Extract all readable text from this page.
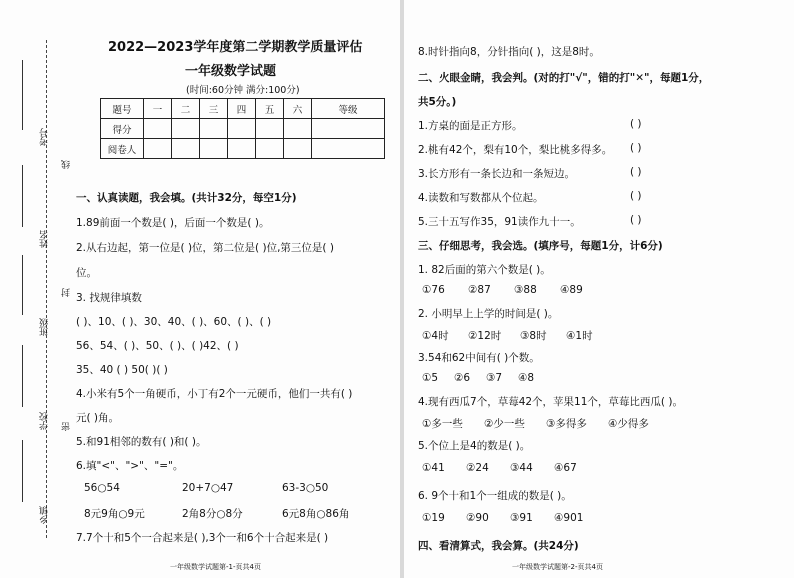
考号
线
姓名
封
班级
学校 密
乡镇
2022—2023学年度第二学期教学质量评估
一年级数学试题
(时间:60分钟 满分:100分)
题号	一	二	三	四	五	六	等级
得分							
阅卷人							
一、认真读题，我会填。(共计32分，每空1分)
1.89前面一个数是( )，后面一个数是( )。
2.从右边起，第一位是( )位，第二位是( )位,第三位是( )
位。
3. 找规律填数
( )、10、( )、30、40、( )、60、( )、( )
56、54、( )、50、( )、( )42、( )
35、40 ( ) 50( )( )
4.小米有5个一角硬币，小丁有2个一元硬币，他们一共有( )
元( )角。
5.和91相邻的数有( )和( )。
6.填"<"、">"、"="。
56○54	20+7○47	63-3○50
8元9角○9元	2角8分○8分	6元8角○86角
7.7个十和5个一合起来是( ),3个一和6个十合起来是( )
一年级数学试题第-1-页共4页
8.时针指向8，分针指向( )，这是8时。
二、火眼金睛，我会判。(对的打"√"，错的打"✕"，每题1分，
共5分。)
1.方桌的面是正方形。	( )
2.桃有42个，梨有10个，梨比桃多得多。 ( )
3.长方形有一条长边和一条短边。	( )
4.读数和写数都从个位起。	( )
5.三十五写作35，91读作九十一。	( )
三、仔细思考，我会选。(填序号，每题1分，计6分)
1. 82后面的第六个数是( )。
①76 ②87 ③88 ④89
2. 小明早上上学的时间是( )。
①4时 ②12时 ③8时 ④1时
3.54和62中间有( )个数。
①5 ②6 ③7 ④8
4.现有西瓜7个，草莓42个，苹果11个，草莓比西瓜( )。
①多一些 ②少一些 ③多得多 ④少得多
5.个位上是4的数是( )。
①41 ②24 ③44 ④67
6. 9个十和1个一组成的数是( )。
①19 ②90 ③91 ④901
四、看清算式，我会算。(共24分)
一年级数学试题第-2-页共4页
